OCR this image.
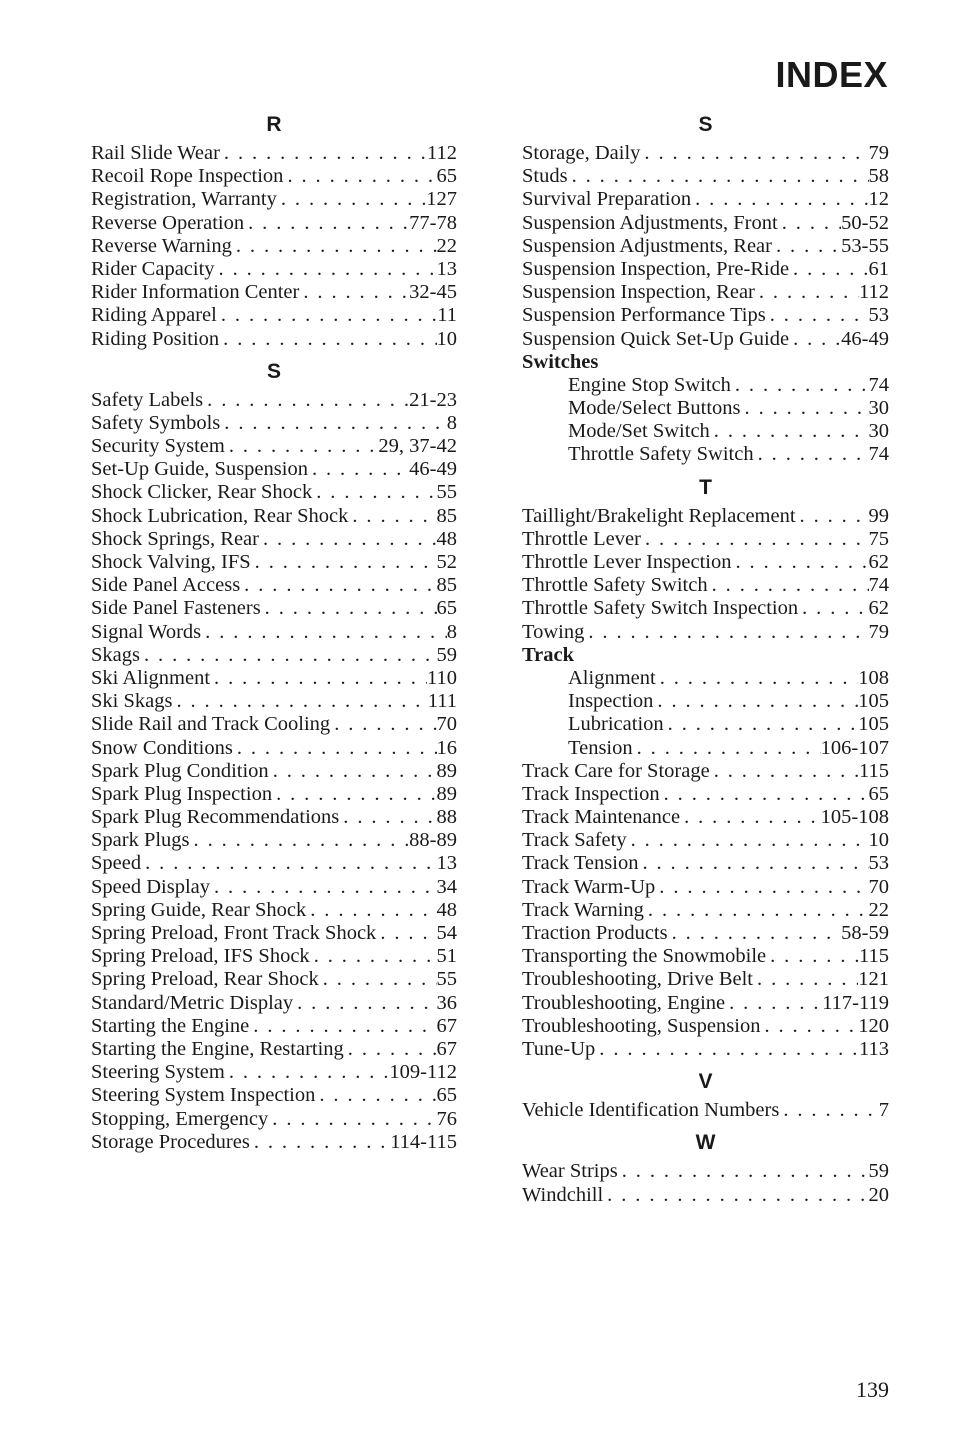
INDEX
R
Rail Slide Wear . . .	112
Recoil Rope Inspection . . .	65
Registration, Warranty . . .	127
Reverse Operation . . .	77-78
Reverse Warning . . .	22
Rider Capacity . . .	13
Rider Information Center . . .	32-45
Riding Apparel . . .	11
Riding Position . . .	10
S
Safety Labels . . .	21-23
Safety Symbols . . .	8
Security System . . .	29, 37-42
Set-Up Guide, Suspension . . .	46-49
Shock Clicker, Rear Shock . . .	55
Shock Lubrication, Rear Shock . . .	85
Shock Springs, Rear . . .	48
Shock Valving, IFS . . .	52
Side Panel Access . . .	85
Side Panel Fasteners . . .	65
Signal Words . . .	8
Skags . . .	59
Ski Alignment . . .	110
Ski Skags . . .	111
Slide Rail and Track Cooling . . .	70
Snow Conditions . . .	16
Spark Plug Condition . . .	89
Spark Plug Inspection . . .	89
Spark Plug Recommendations . . .	88
Spark Plugs . . .	88-89
Speed . . .	13
Speed Display . . .	34
Spring Guide, Rear Shock . . .	48
Spring Preload, Front Track Shock . . .	54
Spring Preload, IFS Shock . . .	51
Spring Preload, Rear Shock . . .	55
Standard/Metric Display . . .	36
Starting the Engine . . .	67
Starting the Engine, Restarting . . .	67
Steering System . . .	109-112
Steering System Inspection . . .	65
Stopping, Emergency . . .	76
Storage Procedures . . .	114-115
S
Storage, Daily . . .	79
Studs . . .	58
Survival Preparation . . .	12
Suspension Adjustments, Front . . .	50-52
Suspension Adjustments, Rear . . .	53-55
Suspension Inspection, Pre-Ride . . .	61
Suspension Inspection, Rear . . .	112
Suspension Performance Tips . . .	53
Suspension Quick Set-Up Guide . . .	46-49
Switches
Engine Stop Switch . . .	74
Mode/Select Buttons . . .	30
Mode/Set Switch . . .	30
Throttle Safety Switch . . .	74
T
Taillight/Brakelight Replacement . . .	99
Throttle Lever . . .	75
Throttle Lever Inspection . . .	62
Throttle Safety Switch . . .	74
Throttle Safety Switch Inspection . . .	62
Towing . . .	79
Track
Alignment . . .	108
Inspection . . .	105
Lubrication . . .	105
Tension . . .	106-107
Track Care for Storage . . .	115
Track Inspection . . .	65
Track Maintenance . . .	105-108
Track Safety . . .	10
Track Tension . . .	53
Track Warm-Up . . .	70
Track Warning . . .	22
Traction Products . . .	58-59
Transporting the Snowmobile . . .	115
Troubleshooting, Drive Belt . . .	121
Troubleshooting, Engine . . .	117-119
Troubleshooting, Suspension . . .	120
Tune-Up . . .	113
V
Vehicle Identification Numbers . . .	7
W
Wear Strips . . .	59
Windchill . . .	20
139
